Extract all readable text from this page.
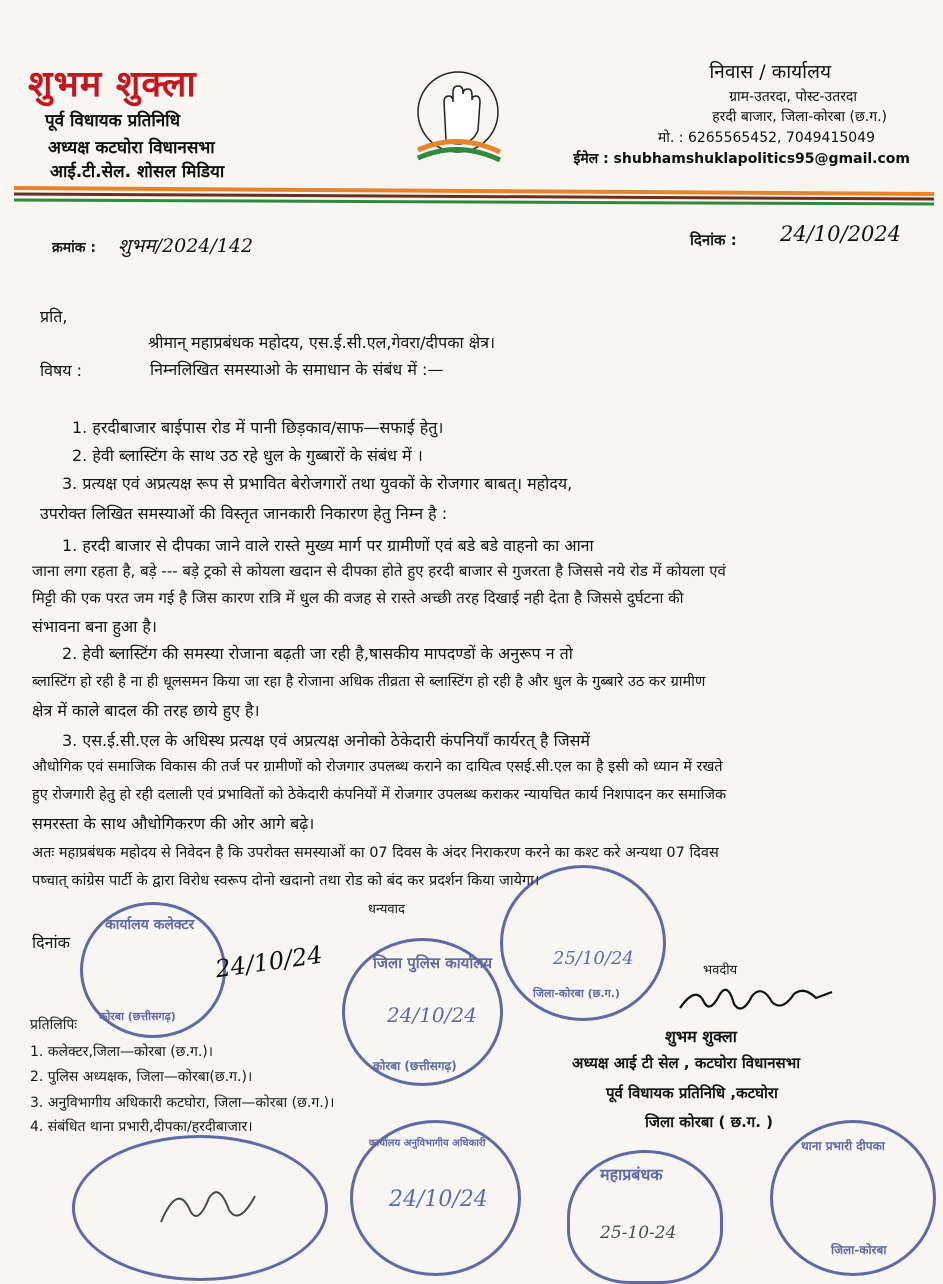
शुभम शुक्ला
पूर्व विधायक प्रतिनिधि
अध्यक्ष कटघोरा विधानसभा
आई.टी.सेल. शोसल मिडिया
निवास / कार्यालय
ग्राम-उतरदा, पोस्ट-उतरदा
हरदी बाजार, जिला-कोरबा (छ.ग.)
मो. : 6265565452, 7049415049
ईमेल : shubhamshuklapolitics95@gmail.com
क्रमांक : शुभम/2024/142	दिनांक : 24/10/2024
प्रति,
श्रीमान् महाप्रबंधक महोदय, एस.ई.सी.एल,गेवरा/दीपका क्षेत्र।
विषय :	निम्नलिखित समस्याओ के समाधान के संबंध में :—
1. हरदीबाजार बाईपास रोड में पानी छिड़काव/साफ—सफाई हेतु।
2. हेवी ब्लास्टिंग के साथ उठ रहे धुल के गुब्बारों के संबंध में ।
3. प्रत्यक्ष एवं अप्रत्यक्ष रूप से प्रभावित बेरोजगारों तथा युवकों के रोजगार बाबत्। महोदय,
उपरोक्त लिखित समस्याओं की विस्तृत जानकारी निकारण हेतु निम्न है :
1. हरदी बाजार से दीपका जाने वाले रास्ते मुख्य मार्ग पर ग्रामीणों एवं बडे बडे वाहनो का आना
जाना लगा रहता है, बड़े --- बड़े ट्रको से कोयला खदान से दीपका होते हुए हरदी बाजार से गुजरता है जिससे नये रोड में कोयला एवं
मिट्टी की एक परत जम गई है जिस कारण रात्रि में धुल की वजह से रास्ते अच्छी तरह दिखाई नही देता है जिससे दुर्घटना की
संभावना बना हुआ है।
2. हेवी ब्लास्टिंग की समस्या रोजाना बढ़ती जा रही है,षासकीय मापदण्डों के अनुरूप न तो
ब्लास्टिंग हो रही है ना ही धूलसमन किया जा रहा है रोजाना अधिक तीव्रता से ब्लास्टिंग हो रही है और धुल के गुब्बारे उठ कर ग्रामीण
क्षेत्र में काले बादल की तरह छाये हुए है।
3. एस.ई.सी.एल के अधिस्थ प्रत्यक्ष एवं अप्रत्यक्ष अनोको ठेकेदारी कंपनियॉं कार्यरत् है जिसमें
औधोगिक एवं समाजिक विकास की तर्ज पर ग्रामीणों को रोजगार उपलब्ध कराने का दायित्व एसई.सी.एल का है इसी को ध्यान में रखते
हुए रोजगारी हेतु हो रही दलाली एवं प्रभावितों को ठेकेदारी कंपनियों में रोजगार उपलब्ध कराकर न्यायचित कार्य निशपादन कर समाजिक
समरस्ता के साथ औधोगिकरण की ओर आगे बढ़े।
अतः महाप्रबंधक महोदय से निवेदन है कि उपरोक्त समस्याओं का 07 दिवस के अंदर निराकरण करने का कश्ट करे अन्यथा 07 दिवस
पष्चात् कांग्रेस पार्टी के द्वारा विरोध स्वरूप दोनो खदानो तथा रोड को बंद कर प्रदर्शन किया जायेगा।
धन्यवाद
दिनांक
भवदीय
शुभम शुक्ला
अध्यक्ष आई टी सेल , कटघोरा विधानसभा
पूर्व विधायक प्रतिनिधि ,कटघोरा
जिला कोरबा ( छ.ग. )
प्रतिलिपिः
1. कलेक्टर,जिला—कोरबा (छ.ग.)।
2. पुलिस अध्यक्षक, जिला—कोरबा(छ.ग.)।
3. अनुविभागीय अधिकारी कटघोरा, जिला—कोरबा (छ.ग.)।
4. संबंधित थाना प्रभारी,दीपका/हरदीबाजार।
कार्यालय कलेक्टर
कोरबा (छत्तीसगढ़)
24/10/24	जिला पुलिस कार्यालय
कोरबा (छत्तीसगढ़)
24/10/24
जिला-कोरबा (छ.ग.)
25/10/24
कार्यालय अनुविभागीय अधिकारी
24/10/24
महाप्रबंधक
25-10-24
थाना प्रभारी दीपका
जिला-कोरबा
